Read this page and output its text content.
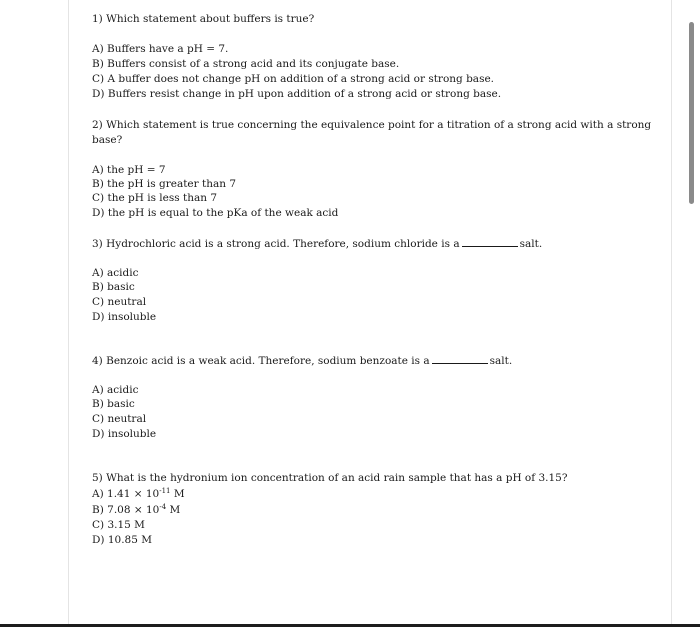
1) Which statement about buffers is true?
A) Buffers have a pH = 7.
B) Buffers consist of a strong acid and its conjugate base.
C) A buffer does not change pH on addition of a strong acid or strong base.
D) Buffers resist change in pH upon addition of a strong acid or strong base.
2) Which statement is true concerning the equivalence point for a titration of a strong acid with a strong
base?
A) the pH = 7
B) the pH is greater than 7
C) the pH is less than 7
D) the pH is equal to the pKa of the weak acid
3) Hydrochloric acid is a strong acid. Therefore, sodium chloride is a	salt.
A) acidic
B) basic
C) neutral
D) insoluble
4) Benzoic acid is a weak acid. Therefore, sodium benzoate is a	salt.
A) acidic
B) basic
C) neutral
D) insoluble
5) What is the hydronium ion concentration of an acid rain sample that has a pH of 3.15?
A) $1.41 \times 10^{-11}$ M
B) $7.08 \times 10^{-4}$ M
C) 3.15 M
D) 10.85 M
